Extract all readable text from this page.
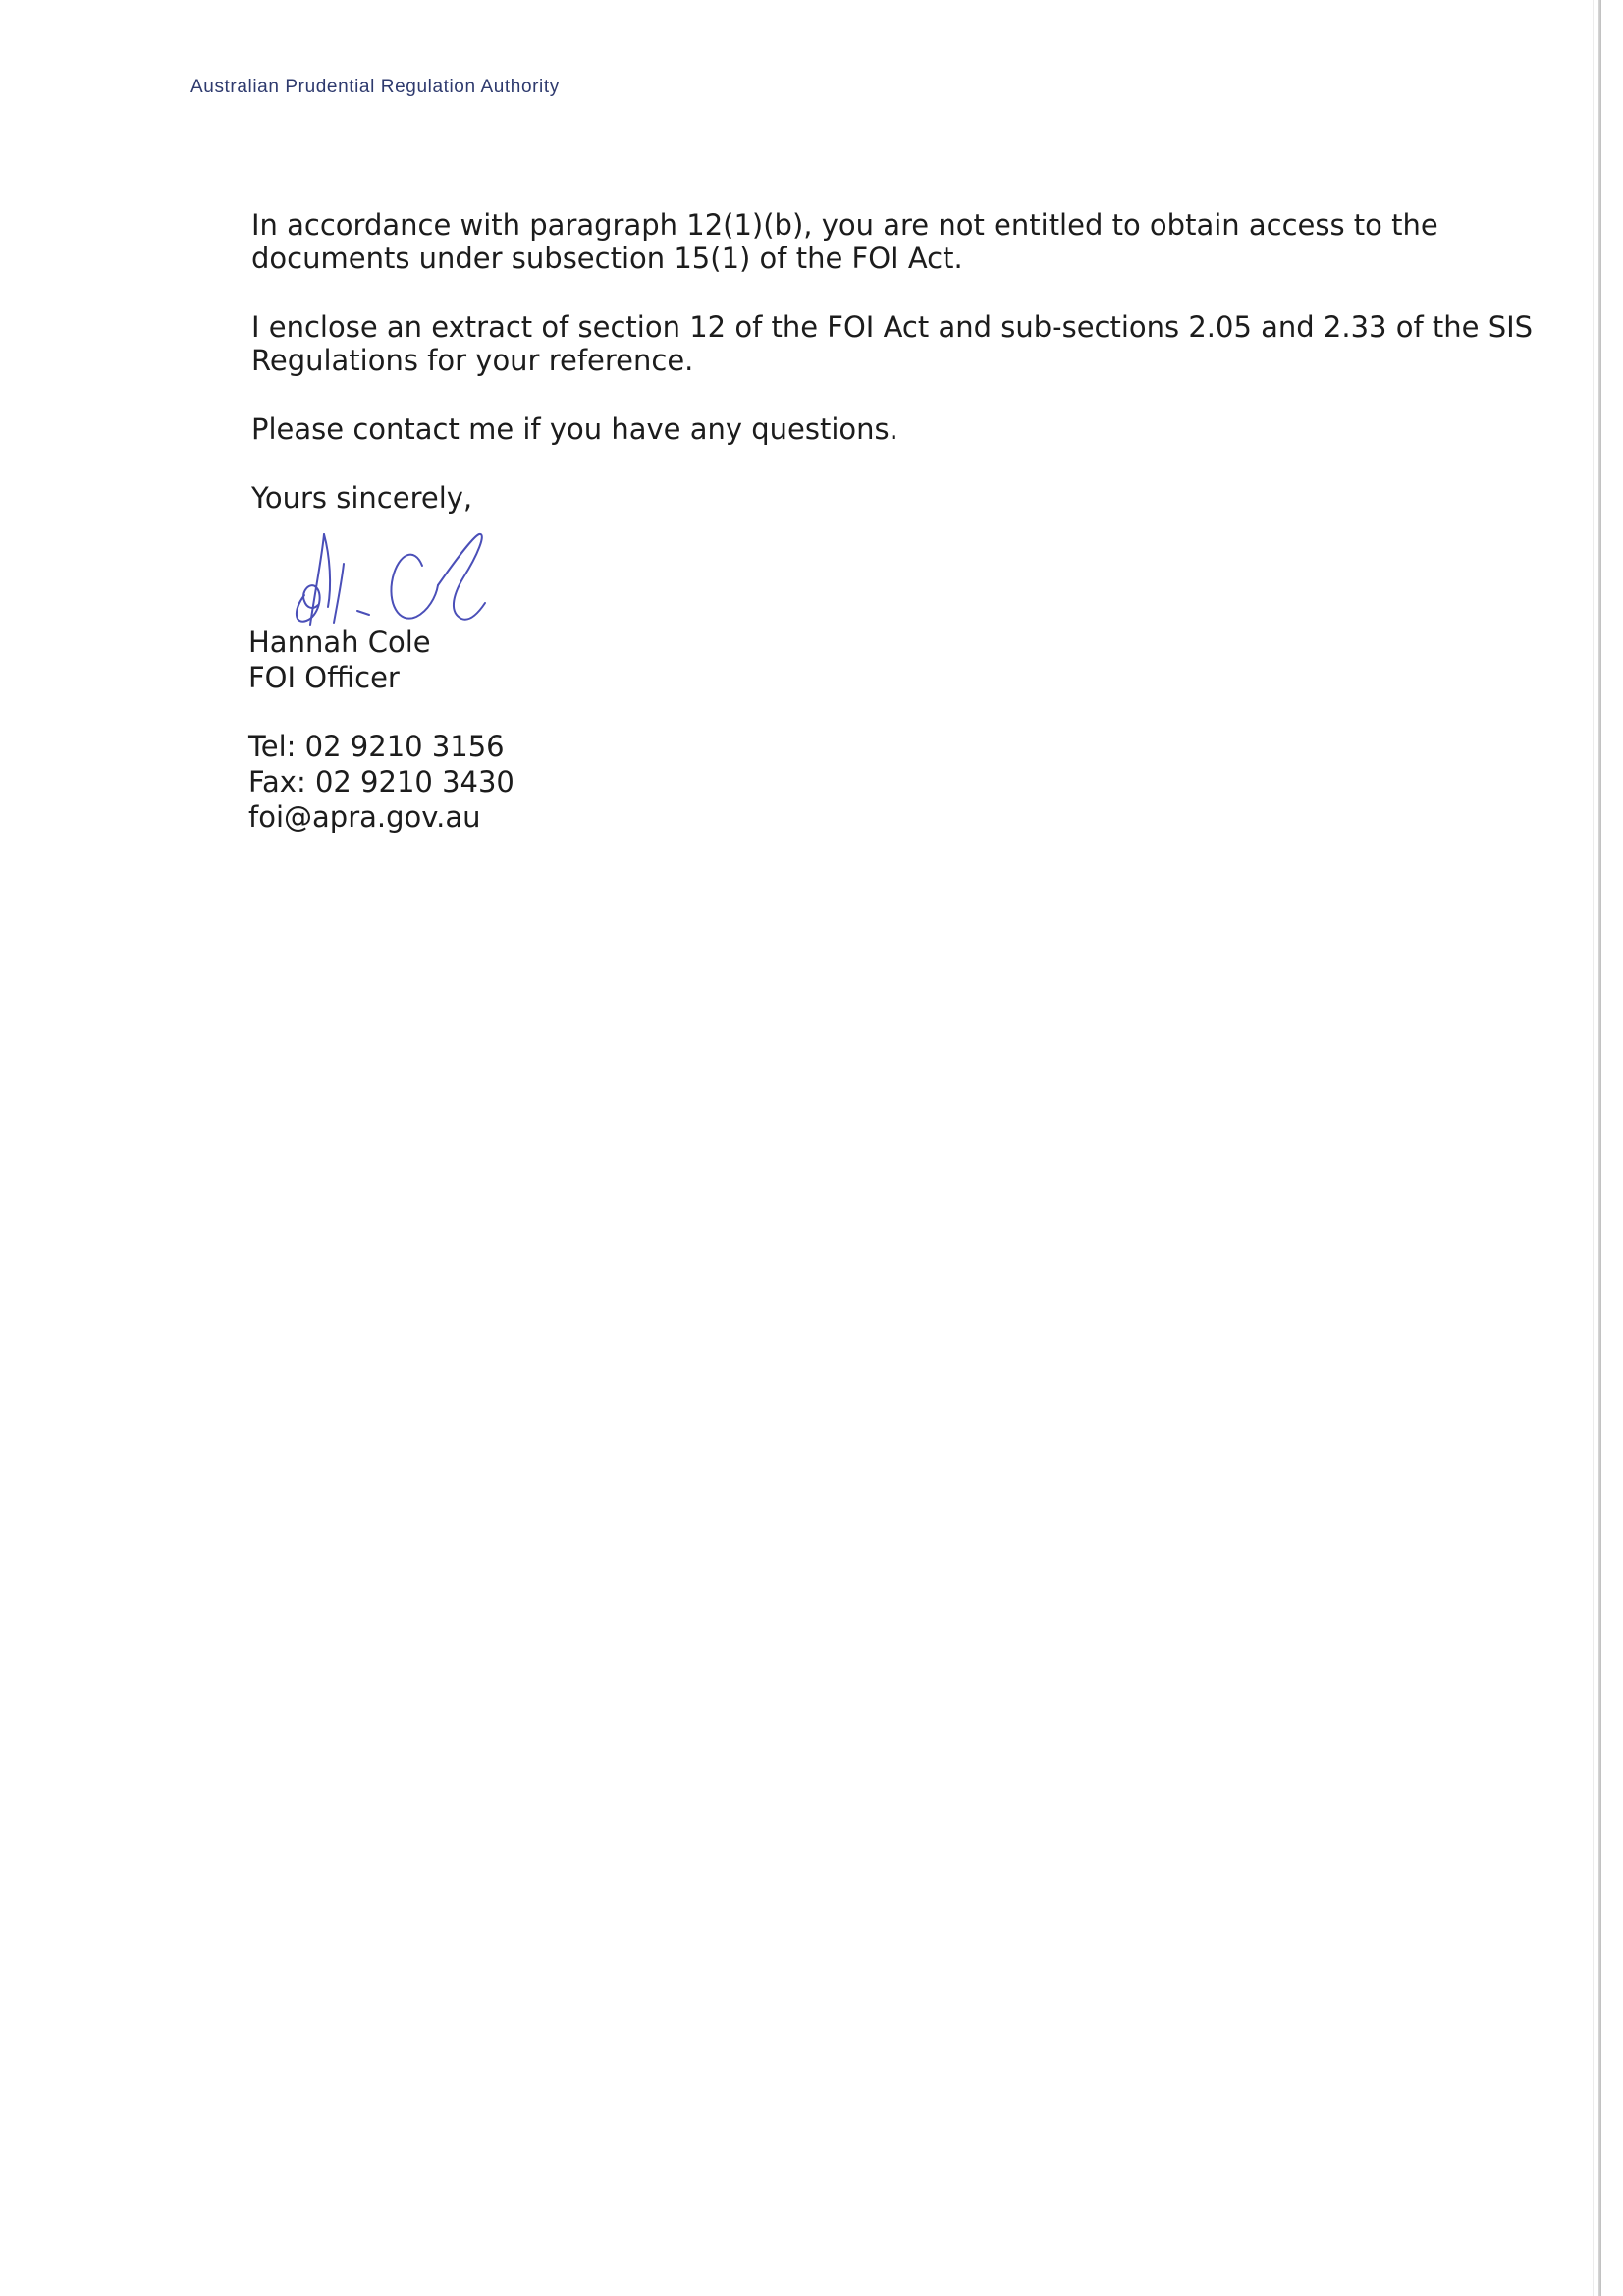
Australian Prudential Regulation Authority
In accordance with paragraph 12(1)(b), you are not entitled to obtain access to the
documents under subsection 15(1) of the FOI Act.
I enclose an extract of section 12 of the FOI Act and sub-sections 2.05 and 2.33 of the SIS
Regulations for your reference.
Please contact me if you have any questions.
Yours sincerely,
Hannah Cole
FOI Officer
Tel: 02 9210 3156
Fax: 02 9210 3430
foi@apra.gov.au
